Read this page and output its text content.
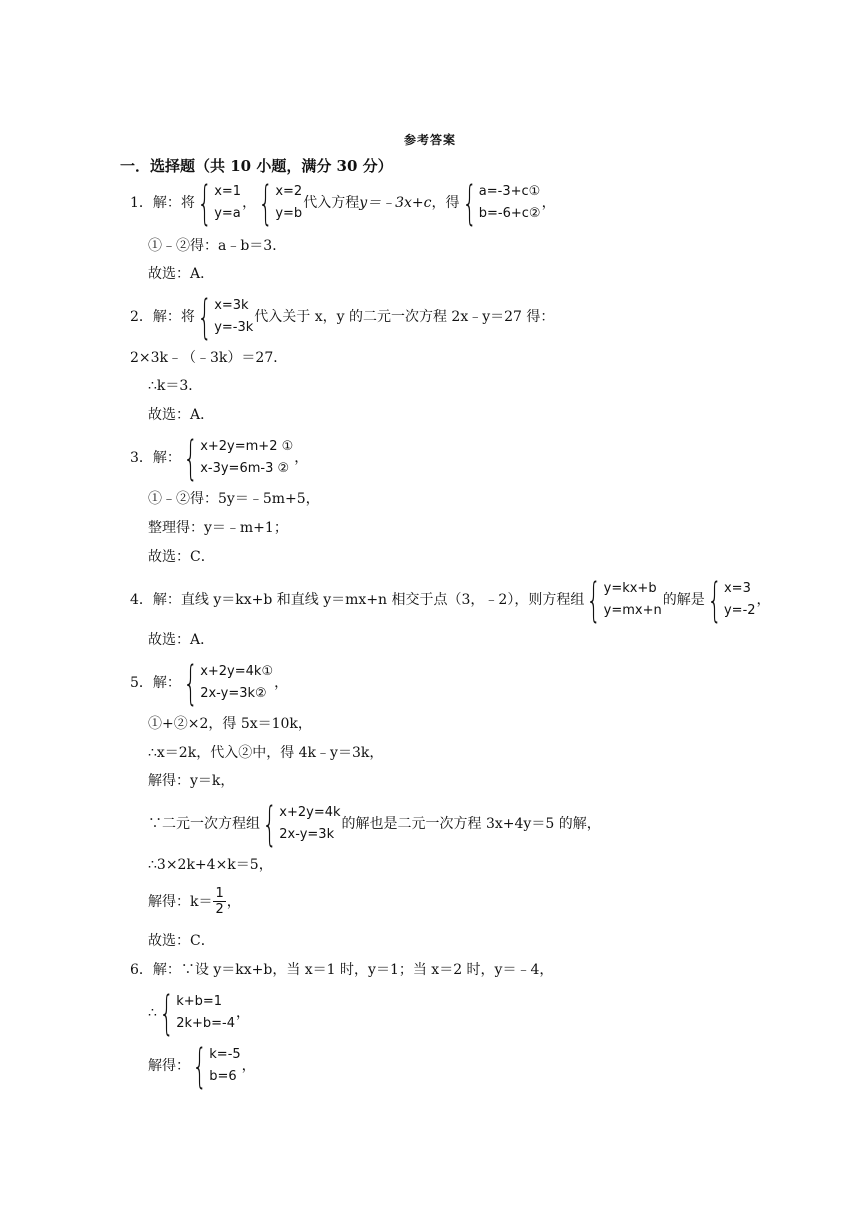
参考答案
一．选择题（共 10 小题，满分 30 分）
1．解：将 { x=1
y=a
， { x=2
y=b
代入方程 y＝﹣3x+c ，得 { a=-3+c①
b=-6+c②
，
①﹣②得：a﹣b＝3．
故选：A．
2．解：将 { x=3k
y=-3k
代入关于 x，y 的二元一次方程 2x﹣y＝27 得：
2×3k﹣（﹣3k）＝27．
∴k＝3．
故选：A．
3．解： { x+2y=m+2 ①
x-3y=6m-3 ②
，
①﹣②得：5y＝﹣5m+5，
整理得：y＝﹣m+1；
故选：C．
4．解：直线 y＝kx+b 和直线 y＝mx+n 相交于点（3，﹣2），则方程组 { y=kx+b
y=mx+n
的解是 { x=3
y=-2
，
故选：A．
5．解： { x+2y=4k①
2x-y=3k②
，
①+②×2，得 5x＝10k，
∴x＝2k，代入②中，得 4k﹣y＝3k，
解得：y＝k，
∵二元一次方程组 { x+2y=4k
2x-y=3k
的解也是二元一次方程 3x+4y＝5 的解，
∴3×2k+4×k＝5，
解得：$k= \frac{1}{2}$ ，
故选：C．
6．解：∵设 y＝kx+b，当 x＝1 时，y＝1；当 x＝2 时，y＝﹣4，
∴ { k+b=1
2k+b=-4
，
解得： { k=-5
b=6
，
